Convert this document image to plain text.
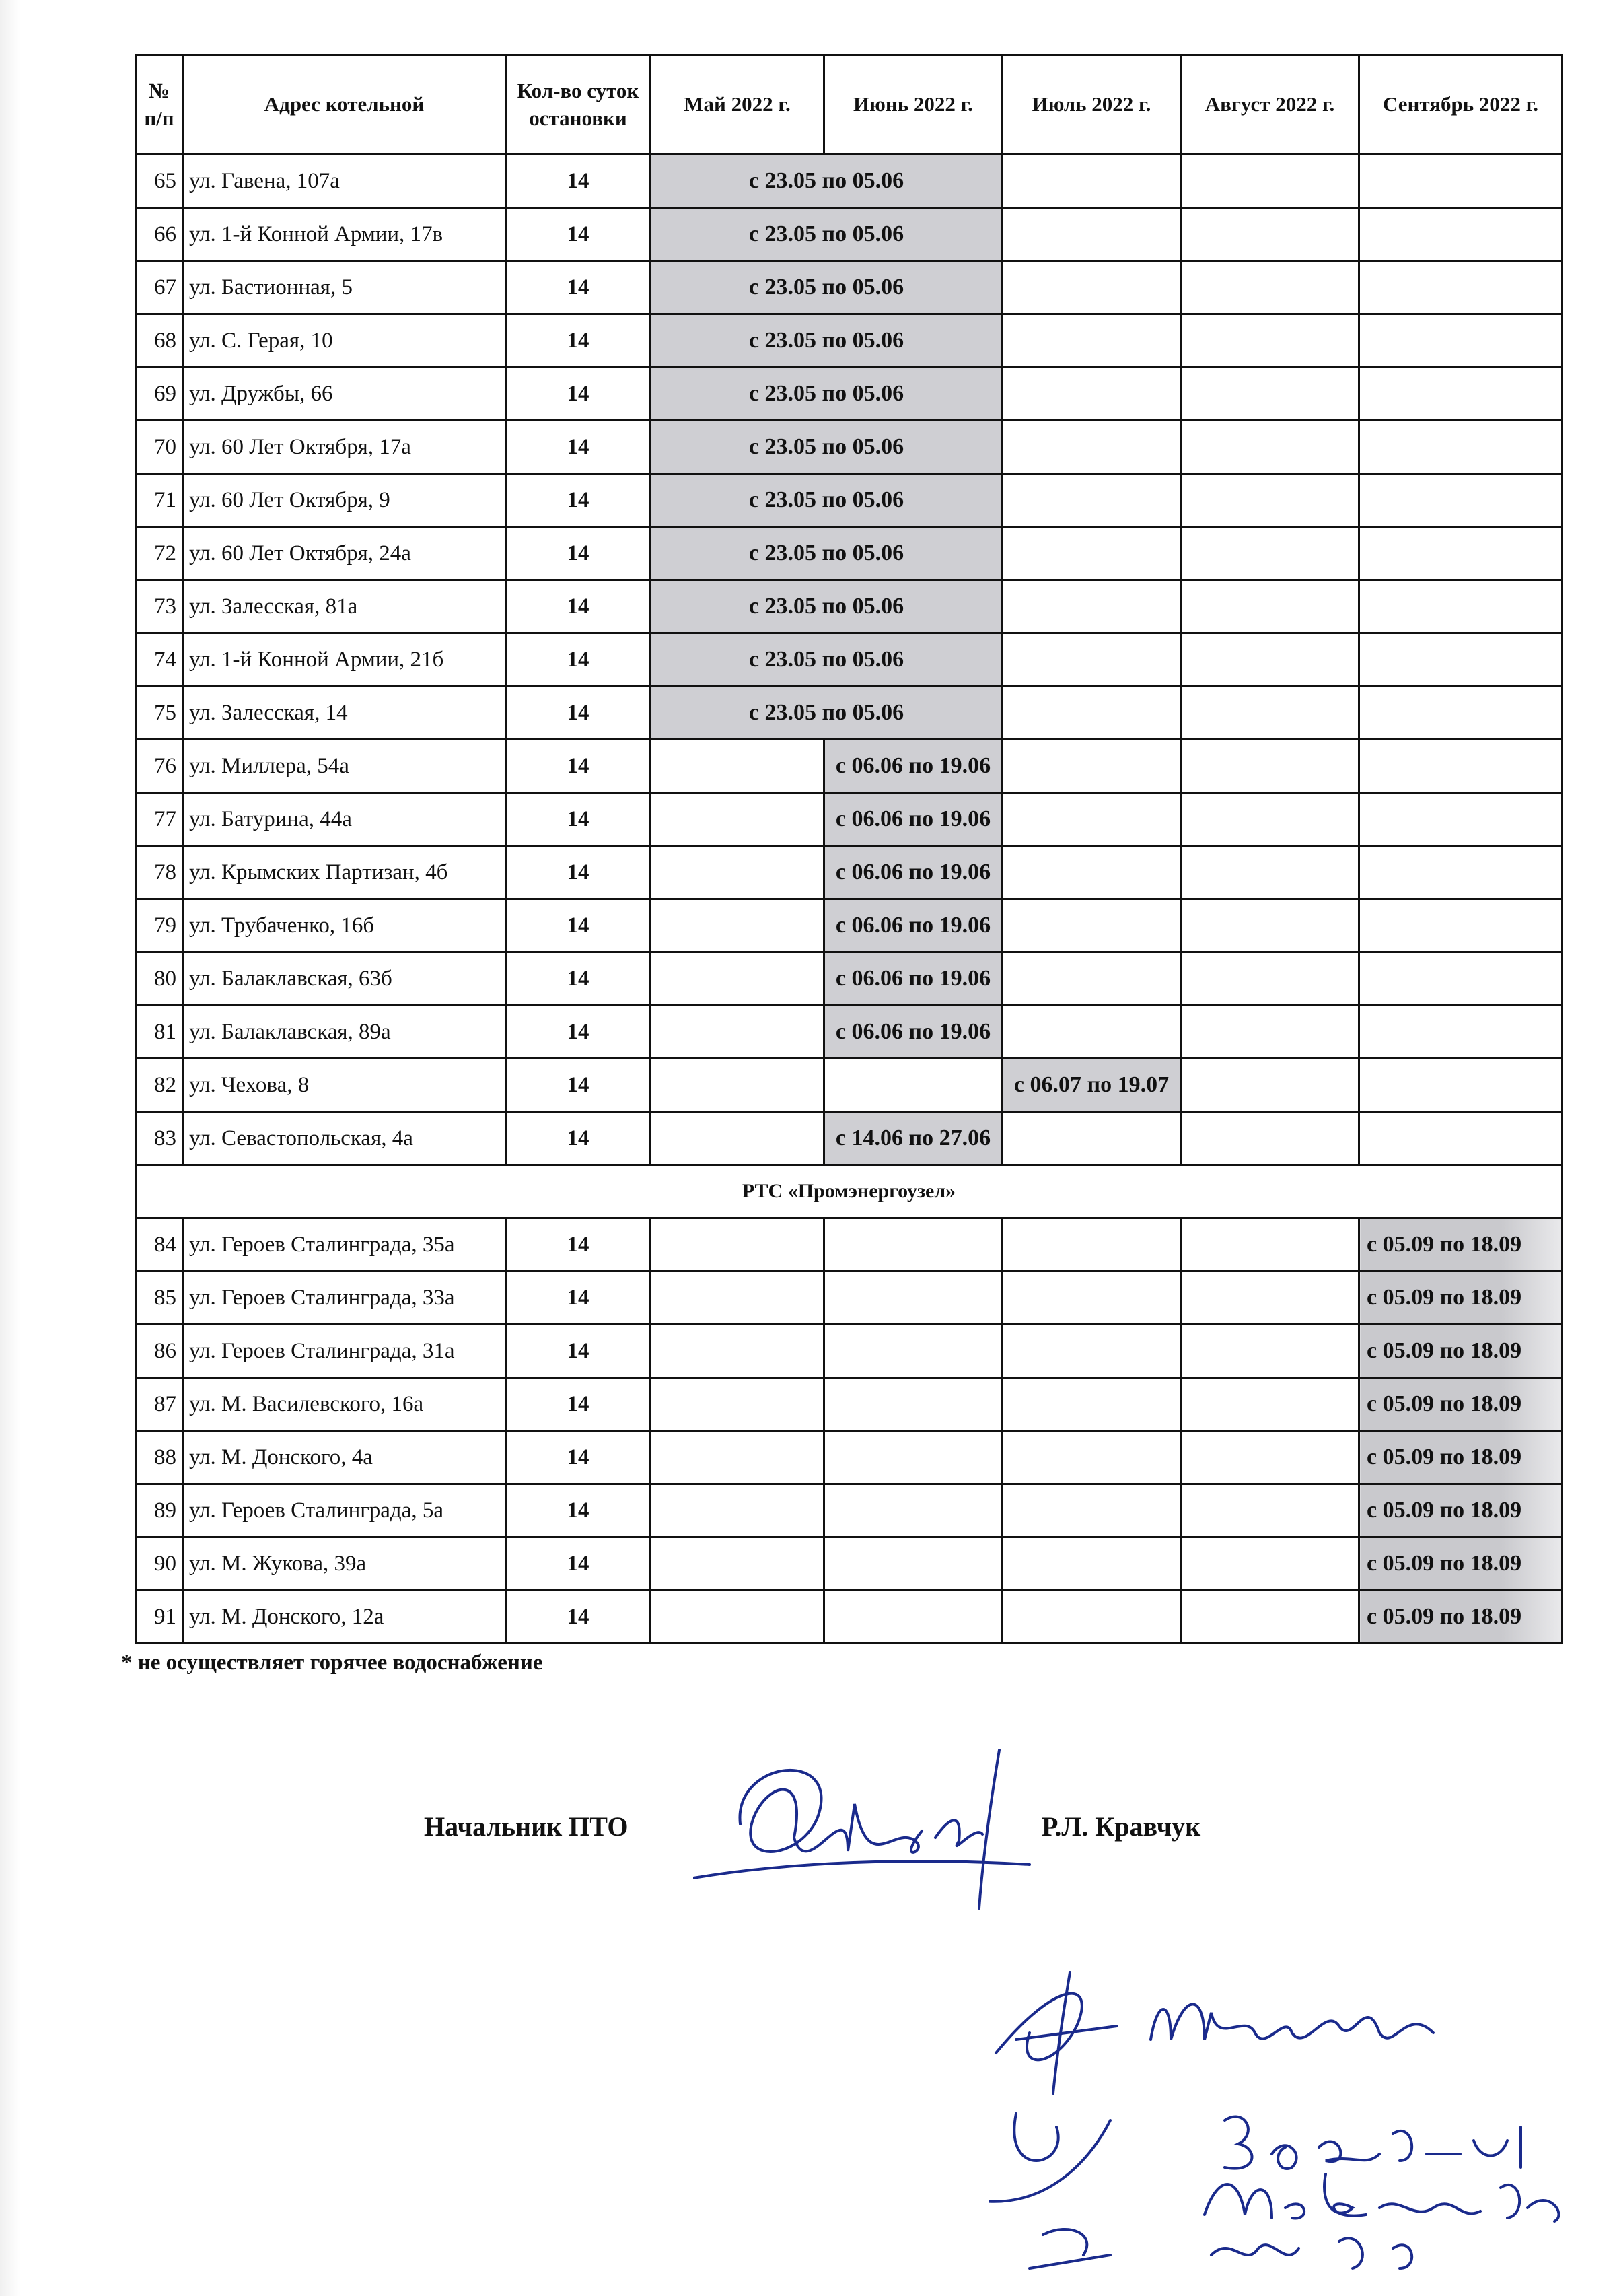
№ п/п	Адрес котельной	Кол-во суток остановки	Май 2022 г.	Июнь 2022 г.	Июль 2022 г.	Август 2022 г.	Сентябрь 2022 г.
65	ул. Гавена, 107а	14	с 23.05 по 05.06				
66	ул. 1-й Конной Армии, 17в	14	с 23.05 по 05.06				
67	ул. Бастионная, 5	14	с 23.05 по 05.06				
68	ул. С. Герая, 10	14	с 23.05 по 05.06				
69	ул. Дружбы, 66	14	с 23.05 по 05.06				
70	ул. 60 Лет Октября, 17а	14	с 23.05 по 05.06				
71	ул. 60 Лет Октября, 9	14	с 23.05 по 05.06				
72	ул. 60 Лет Октября, 24а	14	с 23.05 по 05.06				
73	ул. Залесская, 81а	14	с 23.05 по 05.06				
74	ул. 1-й Конной Армии, 21б	14	с 23.05 по 05.06				
75	ул. Залесская, 14	14	с 23.05 по 05.06				
76	ул. Миллера, 54а	14		с 06.06 по 19.06			
77	ул. Батурина, 44а	14		с 06.06 по 19.06			
78	ул. Крымских Партизан, 4б	14		с 06.06 по 19.06			
79	ул. Трубаченко, 16б	14		с 06.06 по 19.06			
80	ул. Балаклавская, 63б	14		с 06.06 по 19.06			
81	ул. Балаклавская, 89а	14		с 06.06 по 19.06			
82	ул. Чехова, 8	14			с 06.07 по 19.07		
83	ул. Севастопольская, 4а	14		с 14.06 по 27.06			
РТС «Промэнергоузел»							
84	ул. Героев Сталинграда, 35а	14					с 05.09 по 18.09
85	ул. Героев Сталинграда, 33а	14					с 05.09 по 18.09
86	ул. Героев Сталинграда, 31а	14					с 05.09 по 18.09
87	ул. М. Василевского, 16а	14					с 05.09 по 18.09
88	ул. М. Донского, 4а	14					с 05.09 по 18.09
89	ул. Героев Сталинграда, 5а	14					с 05.09 по 18.09
90	ул. М. Жукова, 39а	14					с 05.09 по 18.09
91	ул. М. Донского, 12а	14					с 05.09 по 18.09
* не осуществляет горячее водоснабжение
Начальник ПТО	Р.Л. Кравчук
